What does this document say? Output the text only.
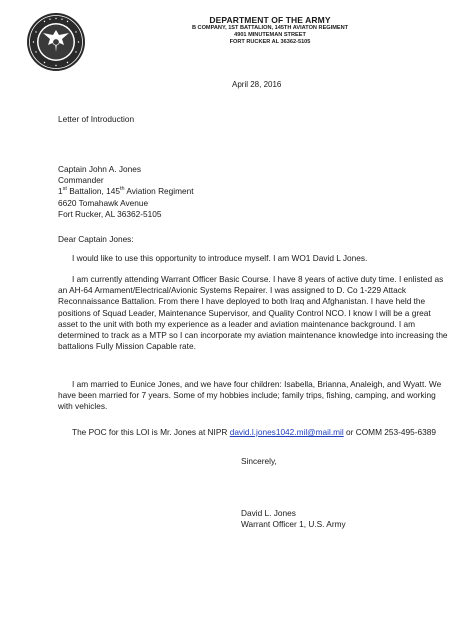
DEPARTMENT OF THE ARMY
B COMPANY, 1ST BATTALION, 145TH AVIATON REGIMENT
4901 MINUTEMAN STREET
FORT RUCKER AL 36362-5105
April 28, 2016
Letter of Introduction
Captain John A. Jones
Commander
1st Battalion, 145th Aviation Regiment
6620 Tomahawk Avenue
Fort Rucker, AL 36362-5105
Dear Captain Jones:

I would like to use this opportunity to introduce myself. I am WO1 David L Jones.

I am currently attending Warrant Officer Basic Course. I have 8 years of active duty time. I enlisted as an AH-64 Armament/Electrical/Avionic Systems Repairer. I was assigned to D. Co 1-229 Attack Reconnaissance Battalion. From there I have deployed to both Iraq and Afghanistan. I have held the positions of Squad Leader, Maintenance Supervisor, and Quality Control NCO. I know I will be a great asset to the unit with both my experience as a leader and aviation maintenance background. I am determined to track as a MTP so I can incorporate my aviation maintenance knowledge into increasing the battalions Fully Mission Capable rate.

I am married to Eunice Jones, and we have four children: Isabella, Brianna, Analeigh, and Wyatt. We have been married for 7 years. Some of my hobbies include; family trips, fishing, camping, and working with vehicles.

The POC for this LOI is Mr. Jones at NIPR david.l.jones1042.mil@mail.mil or COMM 253-495-6389

Sincerely,
David L. Jones
Warrant Officer 1, U.S. Army
